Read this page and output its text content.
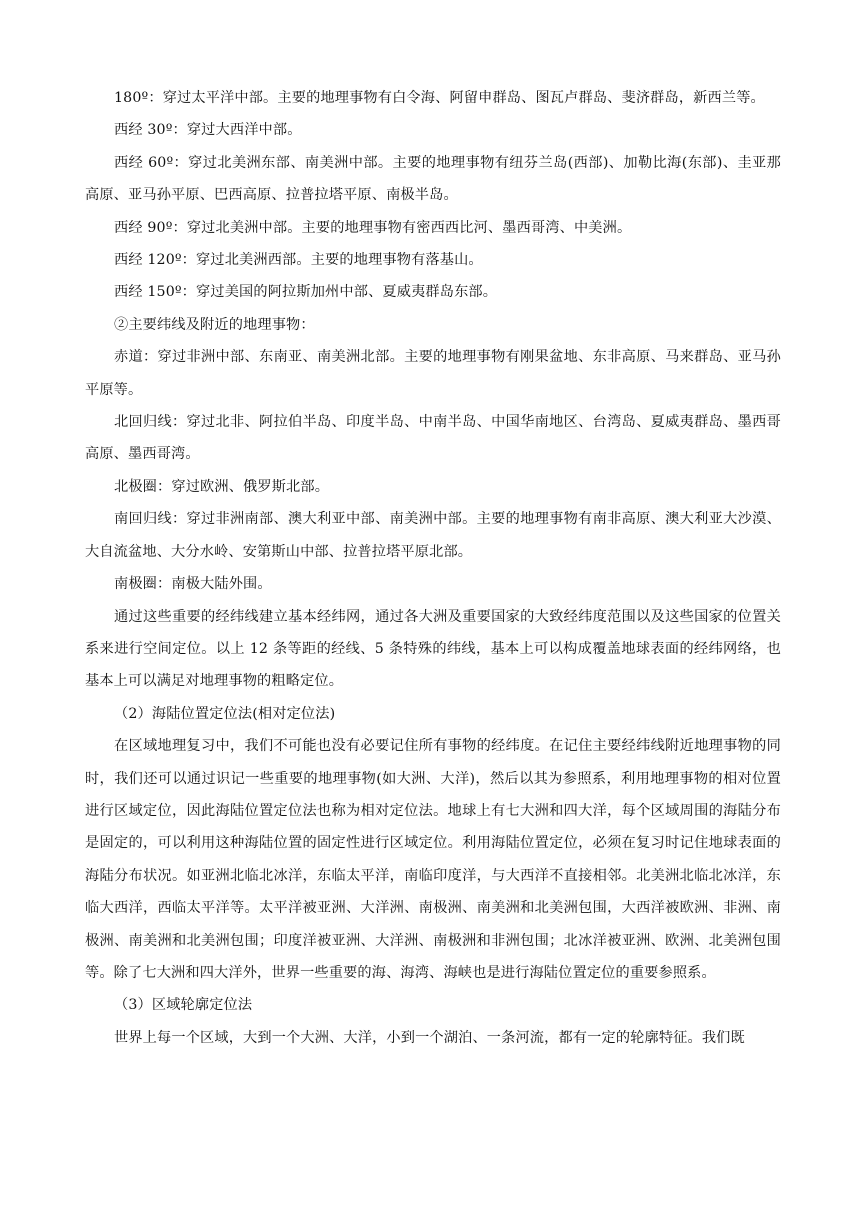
180º：穿过太平洋中部。主要的地理事物有白令海、阿留申群岛、图瓦卢群岛、斐济群岛，新西兰等。

西经 30º：穿过大西洋中部。

西经 60º：穿过北美洲东部、南美洲中部。主要的地理事物有纽芬兰岛(西部)、加勒比海(东部)、圭亚那高原、亚马孙平原、巴西高原、拉普拉塔平原、南极半岛。

西经 90º：穿过北美洲中部。主要的地理事物有密西西比河、墨西哥湾、中美洲。

西经 120º：穿过北美洲西部。主要的地理事物有落基山。

西经 150º：穿过美国的阿拉斯加州中部、夏威夷群岛东部。

②主要纬线及附近的地理事物：

赤道：穿过非洲中部、东南亚、南美洲北部。主要的地理事物有刚果盆地、东非高原、马来群岛、亚马孙平原等。

北回归线：穿过北非、阿拉伯半岛、印度半岛、中南半岛、中国华南地区、台湾岛、夏威夷群岛、墨西哥高原、墨西哥湾。

北极圈：穿过欧洲、俄罗斯北部。

南回归线：穿过非洲南部、澳大利亚中部、南美洲中部。主要的地理事物有南非高原、澳大利亚大沙漠、大自流盆地、大分水岭、安第斯山中部、拉普拉塔平原北部。

南极圈：南极大陆外围。

通过这些重要的经纬线建立基本经纬网，通过各大洲及重要国家的大致经纬度范围以及这些国家的位置关系来进行空间定位。以上 12 条等距的经线、5 条特殊的纬线，基本上可以构成覆盖地球表面的经纬网络，也基本上可以满足对地理事物的粗略定位。

（2）海陆位置定位法(相对定位法)

在区域地理复习中，我们不可能也没有必要记住所有事物的经纬度。在记住主要经纬线附近地理事物的同时，我们还可以通过识记一些重要的地理事物(如大洲、大洋)，然后以其为参照系，利用地理事物的相对位置进行区域定位，因此海陆位置定位法也称为相对定位法。地球上有七大洲和四大洋，每个区域周围的海陆分布是固定的，可以利用这种海陆位置的固定性进行区域定位。利用海陆位置定位，必须在复习时记住地球表面的海陆分布状况。如亚洲北临北冰洋，东临太平洋，南临印度洋，与大西洋不直接相邻。北美洲北临北冰洋，东临大西洋，西临太平洋等。太平洋被亚洲、大洋洲、南极洲、南美洲和北美洲包围，大西洋被欧洲、非洲、南极洲、南美洲和北美洲包围；印度洋被亚洲、大洋洲、南极洲和非洲包围；北冰洋被亚洲、欧洲、北美洲包围等。除了七大洲和四大洋外，世界一些重要的海、海湾、海峡也是进行海陆位置定位的重要参照系。

（3）区域轮廓定位法

世界上每一个区域，大到一个大洲、大洋，小到一个湖泊、一条河流，都有一定的轮廓特征。我们既
